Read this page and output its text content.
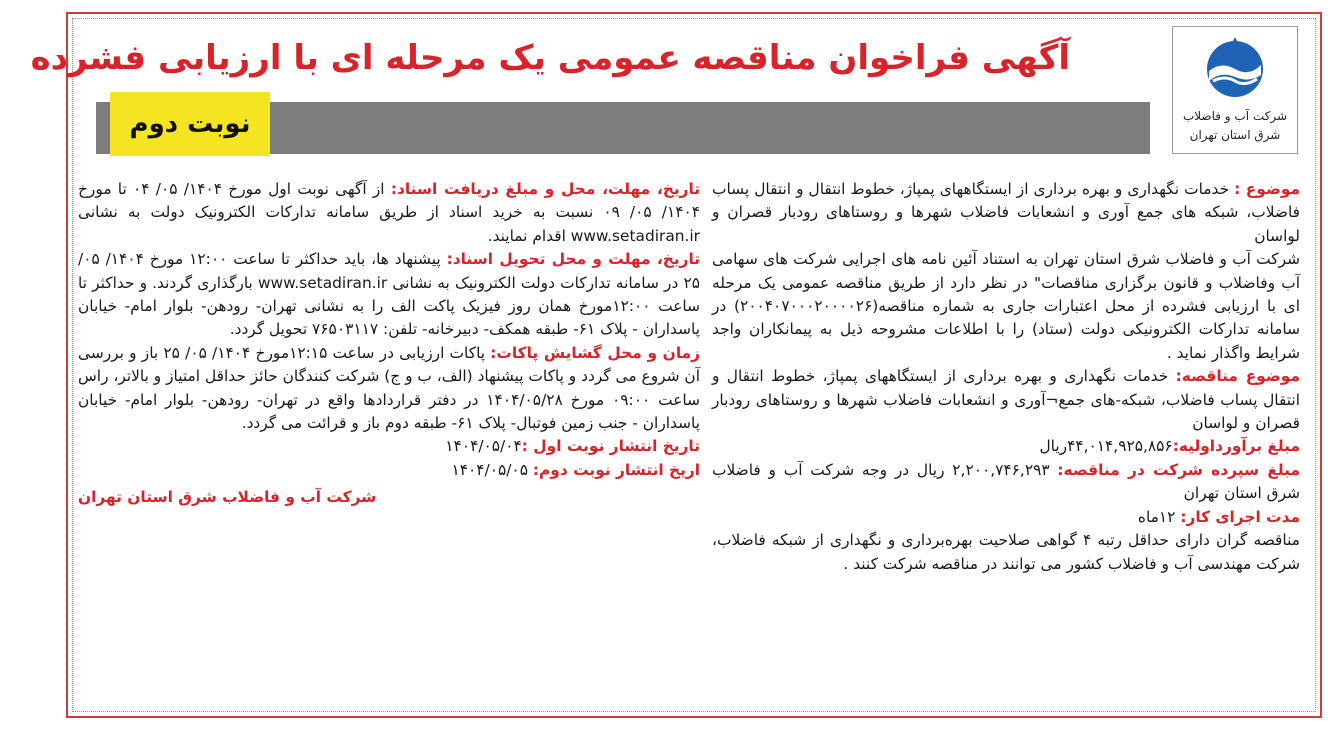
آگهی فراخوان مناقصه عمومی یک مرحله ای با ارزیابی فشرده
نوبت دوم	شرکت آب و فاضلاب
شرق استان تهران

موضوع : خدمات نگهداری و بهره برداری از ایستگاههای پمپاژ، خطوط انتقال و انتقال پساب فاضلاب، شبکه های جمع آوری و انشعابات فاضلاب شهرها و روستاهای رودبار قصران و لواسان

شرکت آب و فاضلاب شرق استان تهران به استناد آئین نامه های اجرایی شرکت های سهامی آب وفاضلاب و قانون برگزاری مناقصات" در نظر دارد از طریق مناقصه عمومی یک مرحله ای با ارزیابی فشرده از محل اعتبارات جاری به شماره مناقصه(۲۰۰۴۰۷۰۰۰۲۰۰۰۰۲۶) در سامانه تدارکات الکترونیکی دولت (ستاد) را با اطلاعات مشروحه ذیل به پیمانکاران واجد شرایط واگذار نماید .

موضوع مناقصه: خدمات نگهداری و بهره برداری از ایستگاههای پمپاژ، خطوط انتقال و انتقال پساب فاضلاب، شبکه-های جمع¬آوری و انشعابات فاضلاب شهرها و روستاهای رودبار قصران و لواسان

مبلغ برآورداولیه:۴۴,۰۱۴,۹۲۵,۸۵۶ریال

مبلغ سپرده شرکت در مناقصه: ۲,۲۰۰,۷۴۶,۲۹۳ ریال در وجه شرکت آب و فاضلاب شرق استان تهران

مدت اجرای کار: ۱۲ماه

مناقصه گران دارای حداقل رتبه ۴ گواهی صلاحیت بهره‌برداری و نگهداری از شبکه فاضلاب، شرکت مهندسی آب و فاضلاب کشور می توانند در مناقصه شرکت کنند .

تاریخ، مهلت، محل و مبلغ دریافت اسناد: از آگهی نوبت اول مورخ ۱۴۰۴/ ۰۵/ ۰۴ تا مورخ ۱۴۰۴/ ۰۵/ ۰۹ نسبت به خرید اسناد از طریق سامانه تدارکات الکترونیک دولت به نشانی www.setadiran.ir اقدام نمایند.

تاریخ، مهلت و محل تحویل اسناد: پیشنهاد ها، باید حداکثر تا ساعت ۱۲:۰۰ مورخ ۱۴۰۴/ ۰۵/ ۲۵ در سامانه تدارکات دولت الکترونیک به نشانی www.setadiran.ir بارگذاری گردند. و حداکثر تا ساعت ۱۲:۰۰مورخ همان روز فیزیک پاکت الف را به نشانی تهران- رودهن- بلوار امام- خیابان پاسداران - پلاک ۶۱- طبقه همکف- دبیرخانه- تلفن: ۷۶۵۰۳۱۱۷ تحویل گردد.

زمان و محل گشایش پاکات: پاکات ارزیابی در ساعت ۱۲:۱۵مورخ ۱۴۰۴/ ۰۵/ ۲۵ باز و بررسی آن شروع می گردد و پاکات پیشنهاد (الف، ب و ج) شرکت کنندگان حائز حداقل امتیاز و بالاتر، راس ساعت ۰۹:۰۰ مورخ ۱۴۰۴/۰۵/۲۸ در دفتر قراردادها واقع در تهران- رودهن- بلوار امام- خیابان پاسداران - جنب زمین فوتبال- پلاک ۶۱- طبقه دوم باز و قرائت می گردد.

تاریخ انتشار نوبت اول :۱۴۰۴/۰۵/۰۴

اریخ انتشار نوبت دوم: ۱۴۰۴/۰۵/۰۵

شرکت آب و فاضلاب شرق استان تهران
